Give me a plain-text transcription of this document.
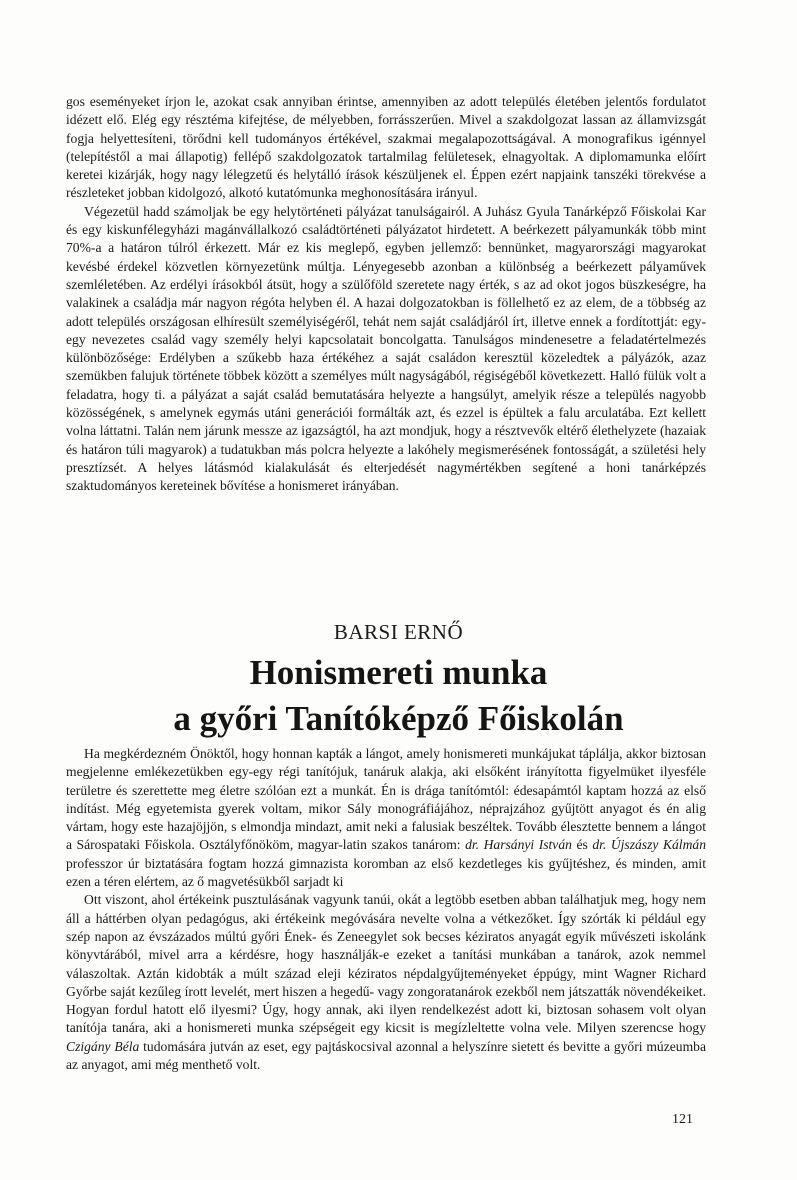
gos eseményeket írjon le, azokat csak annyiban érintse, amennyiben az adott település életében jelentős fordulatot idézett elő. Elég egy résztéma kifejtése, de mélyebben, forrásszerűen. Mivel a szakdolgozat lassan az államvizsgát fogja helyettesíteni, törődni kell tudományos értékével, szakmai megalapozottságával. A monografikus igénnyel (telepítéstől a mai állapotig) fellépő szakdolgozatok tartalmilag felületesek, elnagyoltak. A diplomamunka előírt keretei kizárják, hogy nagy lélegzetű és helytálló írások készüljenek el. Éppen ezért napjaink tanszéki törekvése a részleteket jobban kidolgozó, alkotó kutatómunka meghonosítására irányul.

Végezetül hadd számoljak be egy helytörténeti pályázat tanulságairól. A Juhász Gyula Tanárképző Főiskolai Kar és egy kiskunfélegyházi magánvállalkozó családtörténeti pályázatot hirdetett. A beérkezett pályamunkák több mint 70%-a a határon túlról érkezett. Már ez kis meglepő, egyben jellemző: bennünket, magyarországi magyarokat kevésbé érdekel közvetlen környezetünk múltja. Lényegesebb azonban a különbség a beérkezett pályaművek szemléletében. Az erdélyi írásokból átsüt, hogy a szülőföld szeretete nagy érték, s az ad okot jogos büszkeségre, ha valakinek a családja már nagyon régóta helyben él. A hazai dolgozatokban is föllelhető ez az elem, de a többség az adott település országosan elhíresült személyiségéről, tehát nem saját családjáról írt, illetve ennek a fordítottját: egy-egy nevezetes család vagy személy helyi kapcsolatait boncolgatta. Tanulságos mindenesetre a feladatértelmezés különbözősége: Erdélyben a szűkebb haza értékéhez a saját családon keresztül közeledtek a pályázók, azaz szemükben falujuk története többek között a személyes múlt nagyságából, régiségéből következett. Halló fülük volt a feladatra, hogy ti. a pályázat a saját család bemutatására helyezte a hangsúlyt, amelyik része a település nagyobb közösségének, s amelynek egymás utáni generációi formálták azt, és ezzel is épültek a falu arculatába. Ezt kellett volna láttatni. Talán nem járunk messze az igazságtól, ha azt mondjuk, hogy a résztvevők eltérő élethelyzete (hazaiak és határon túli magyarok) a tudatukban más polcra helyezte a lakóhely megismerésének fontosságát, a születési hely presztízsét. A helyes látásmód kialakulását és elterjedését nagymértékben segítené a honi tanárképzés szaktudományos kereteinek bővítése a honismeret irányában.

BARSI ERNŐ
Honismereti munka
a győri Tanítóképző Főiskolán

Ha megkérdezném Önöktől, hogy honnan kapták a lángot, amely honismereti munkájukat táplálja, akkor biztosan megjelenne emlékezetükben egy-egy régi tanítójuk, tanáruk alakja, aki elsőként irányította figyelmüket ilyesféle területre és szerettette meg életre szólóan ezt a munkát. Én is drága tanítómtól: édesapámtól kaptam hozzá az első indítást. Még egyetemista gyerek voltam, mikor Sály monográfiájához, néprajzához gyűjtött anyagot és én alig vártam, hogy este hazajöjjön, s elmondja mindazt, amit neki a falusiak beszéltek. Tovább élesztette bennem a lángot a Sárospataki Főiskola. Osztályfőnököm, magyar-latin szakos tanárom: dr. Harsányi István és dr. Újszászy Kálmán professzor úr biztatására fogtam hozzá gimnazista koromban az első kezdetleges kis gyűjtéshez, és minden, amit ezen a téren elértem, az ő magvetésükből sarjadt ki

Ott viszont, ahol értékeink pusztulásának vagyunk tanúi, okát a legtöbb esetben abban találhatjuk meg, hogy nem áll a háttérben olyan pedagógus, aki értékeink megóvására nevelte volna a vétkezőket. Így szórták ki például egy szép napon az évszázados múltú győri Ének- és Zeneegylet sok becses kéziratos anyagát egyik művészeti iskolánk könyvtárából, mivel arra a kérdésre, hogy használják-e ezeket a tanítási munkában a tanárok, azok nemmel válaszoltak. Aztán kidobták a múlt század eleji kéziratos népdalgyűjteményeket éppúgy, mint Wagner Richard Győrbe saját kezűleg írott levelét, mert hiszen a hegedű- vagy zongoratanárok ezekből nem játszatták növendékeiket. Hogyan fordul hatott elő ilyesmi? Úgy, hogy annak, aki ilyen rendelkezést adott ki, biztosan sohasem volt olyan tanítója tanára, aki a honismereti munka szépségeit egy kicsit is megízleltette volna vele. Milyen szerencse hogy Czigány Béla tudomására jutván az eset, egy pajtáskocsival azonnal a helyszínre sietett és bevitte a győri múzeumba az anyagot, ami még menthető volt.

121
